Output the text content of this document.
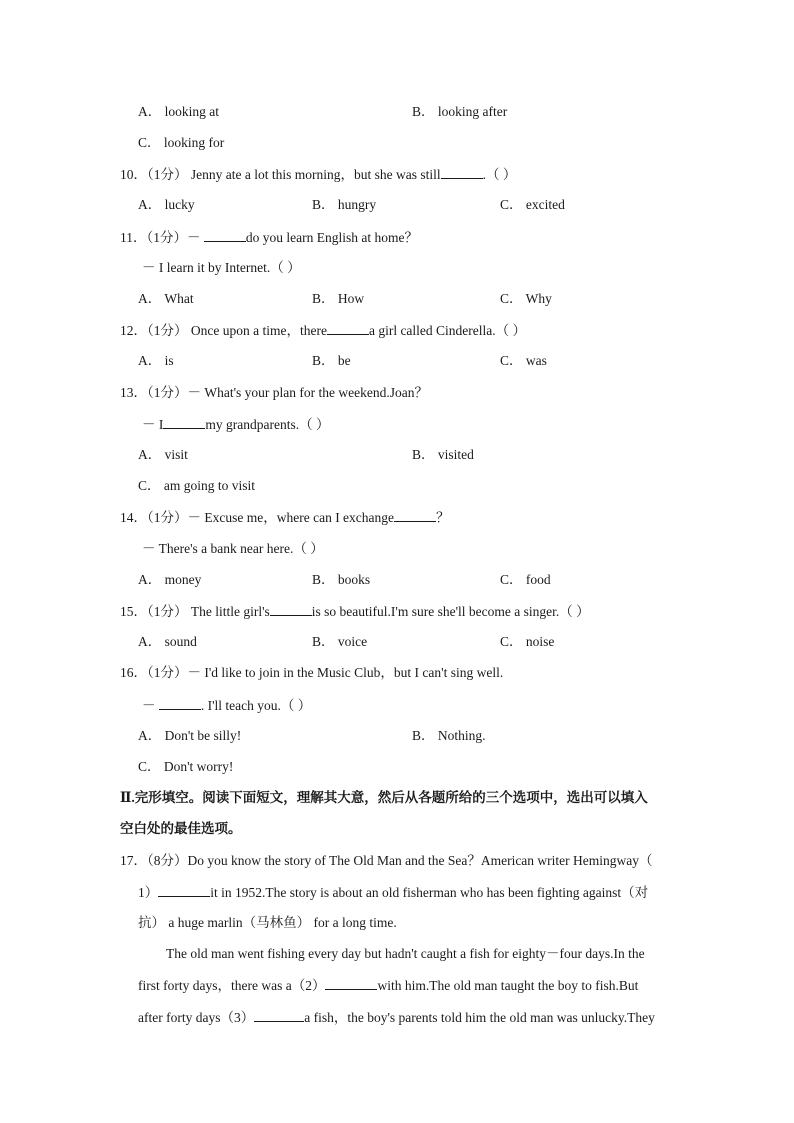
A． looking at	B． looking after
C． looking for
10．（1分） Jenny ate a lot this morning，but she was still	.（ ）
A． lucky	B． hungry	C． excited
11．（1分）－	do you learn English at home？
－ I learn it by Internet.（ ）
A． What	B． How	C． Why
12．（1分） Once upon a time，there	a girl called Cinderella.（ ）
A． is	B． be	C． was
13．（1分）－ What's your plan for the weekend.Joan？
－ I	my grandparents.（ ）
A． visit	B． visited
C． am going to visit
14．（1分）－ Excuse me，where can I exchange	？
－ There's a bank near here.（ ）
A． money	B． books	C． food
15．（1分） The little girl's	is so beautiful.I'm sure she'll become a singer.（ ）
A． sound	B． voice	C． noise
16．（1分）－ I'd like to join in the Music Club，but I can't sing well.
－	. I'll teach you.（ ）
A． Don't be silly!	B． Nothing.
C． Don't worry!
Ⅱ.完形填空。阅读下面短文，理解其大意，然后从各题所给的三个选项中，选出可以填入
空白处的最佳选项。
17．（8分）Do you know the story of The Old Man and the Sea？American writer Hemingway（
1）	it in 1952.The story is about an old fisherman who has been fighting against（对
抗） a huge marlin（马林鱼） for a long time.
The old man went fishing every day but hadn't caught a fish for eighty－four days.In the
first forty days，there was a（2）	with him.The old man taught the boy to fish.But
after forty days（3）	a fish，the boy's parents told him the old man was unlucky.They
